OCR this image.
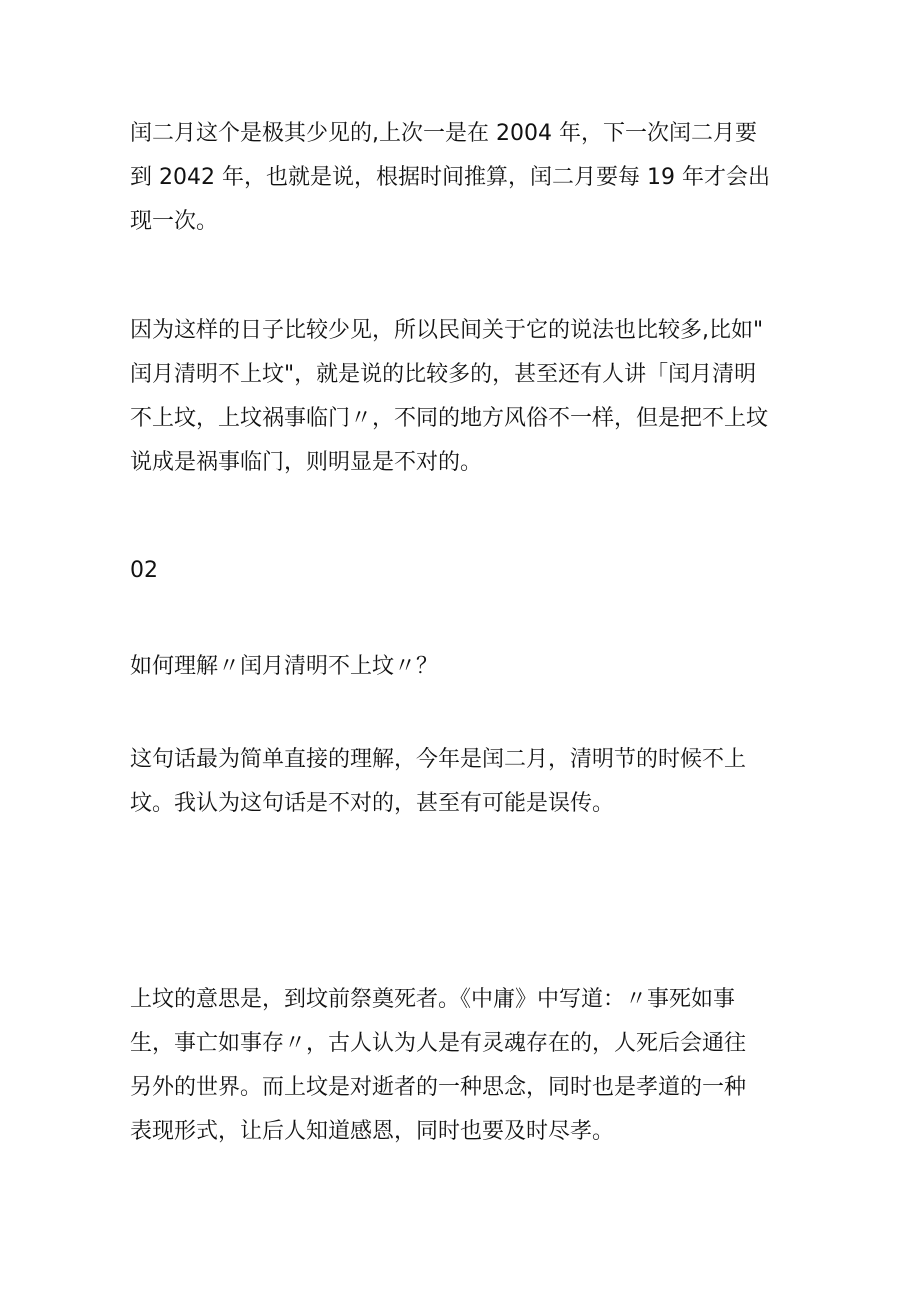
闰二月这个是极其少见的,上次一是在 2004 年，下一次闰二月要
到 2042 年，也就是说，根据时间推算，闰二月要每 19 年才会出
现一次。

因为这样的日子比较少见，所以民间关于它的说法也比较多,比如"
闰月清明不上坟"，就是说的比较多的，甚至还有人讲「闰月清明
不上坟，上坟祸事临门〃，不同的地方风俗不一样，但是把不上坟
说成是祸事临门，则明显是不对的。

02

如何理解〃闰月清明不上坟〃？

这句话最为简单直接的理解，今年是闰二月，清明节的时候不上
坟。我认为这句话是不对的，甚至有可能是误传。

上坟的意思是，到坟前祭奠死者。《中庸》中写道：〃事死如事
生，事亡如事存〃，古人认为人是有灵魂存在的，人死后会通往
另外的世界。而上坟是对逝者的一种思念，同时也是孝道的一种
表现形式，让后人知道感恩，同时也要及时尽孝。
